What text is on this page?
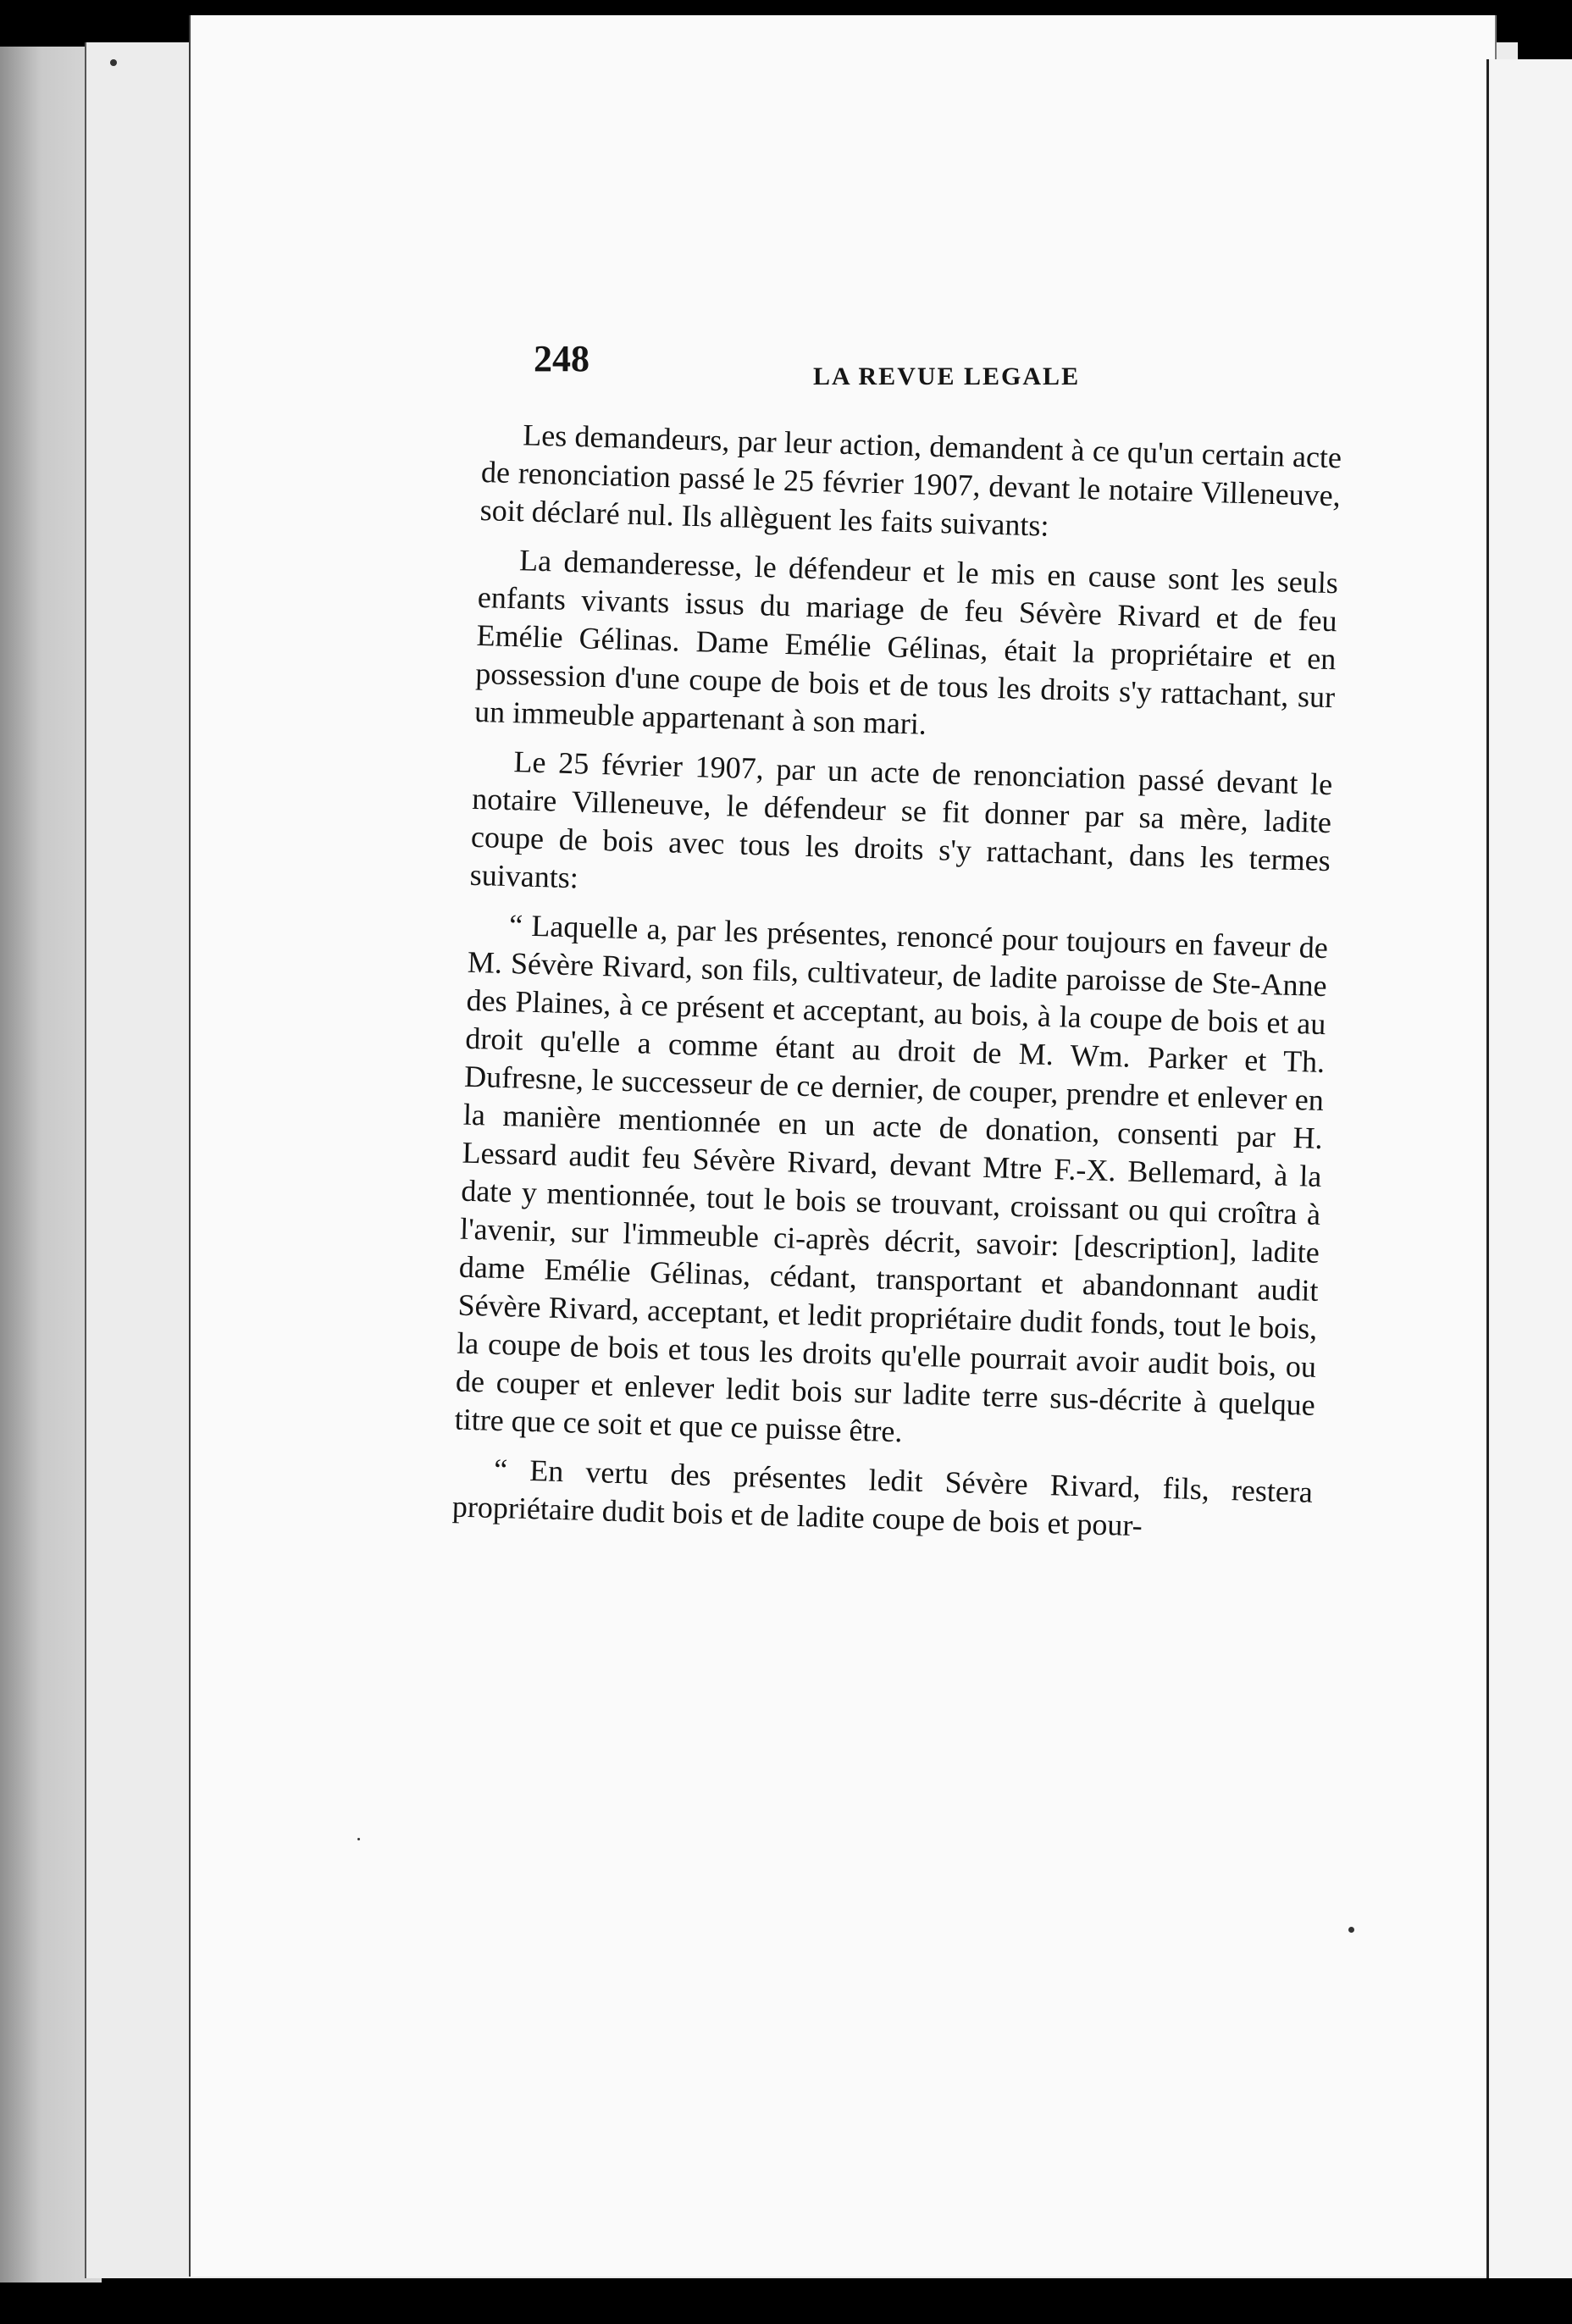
248	LA REVUE LEGALE

Les demandeurs, par leur action, demandent à ce qu'un certain acte de renonciation passé le 25 février 1907, devant le notaire Villeneuve, soit déclaré nul. Ils allèguent les faits suivants:

La demanderesse, le défendeur et le mis en cause sont les seuls enfants vivants issus du mariage de feu Sévère Rivard et de feu Emélie Gélinas. Dame Emélie Gélinas, était la propriétaire et en possession d'une coupe de bois et de tous les droits s'y rattachant, sur un immeuble appartenant à son mari.

Le 25 février 1907, par un acte de renonciation passé devant le notaire Villeneuve, le défendeur se fit donner par sa mère, ladite coupe de bois avec tous les droits s'y rattachant, dans les termes suivants:

“ Laquelle a, par les présentes, renoncé pour toujours en faveur de M. Sévère Rivard, son fils, cultivateur, de ladite paroisse de Ste-Anne des Plaines, à ce présent et acceptant, au bois, à la coupe de bois et au droit qu'elle a comme étant au droit de M. Wm. Parker et Th. Dufresne, le successeur de ce dernier, de couper, prendre et enlever en la manière mentionnée en un acte de donation, consenti par H. Lessard audit feu Sévère Rivard, devant Mtre F.-X. Bellemard, à la date y mentionnée, tout le bois se trouvant, croissant ou qui croîtra à l'avenir, sur l'immeuble ci-après décrit, savoir: [description], ladite dame Emélie Gélinas, cédant, transportant et abandonnant audit Sévère Rivard, acceptant, et ledit propriétaire dudit fonds, tout le bois, la coupe de bois et tous les droits qu'elle pourrait avoir audit bois, ou de couper et enlever ledit bois sur ladite terre sus-décrite à quelque titre que ce soit et que ce puisse être.

“ En vertu des présentes ledit Sévère Rivard, fils, restera propriétaire dudit bois et de ladite coupe de bois et pour-
